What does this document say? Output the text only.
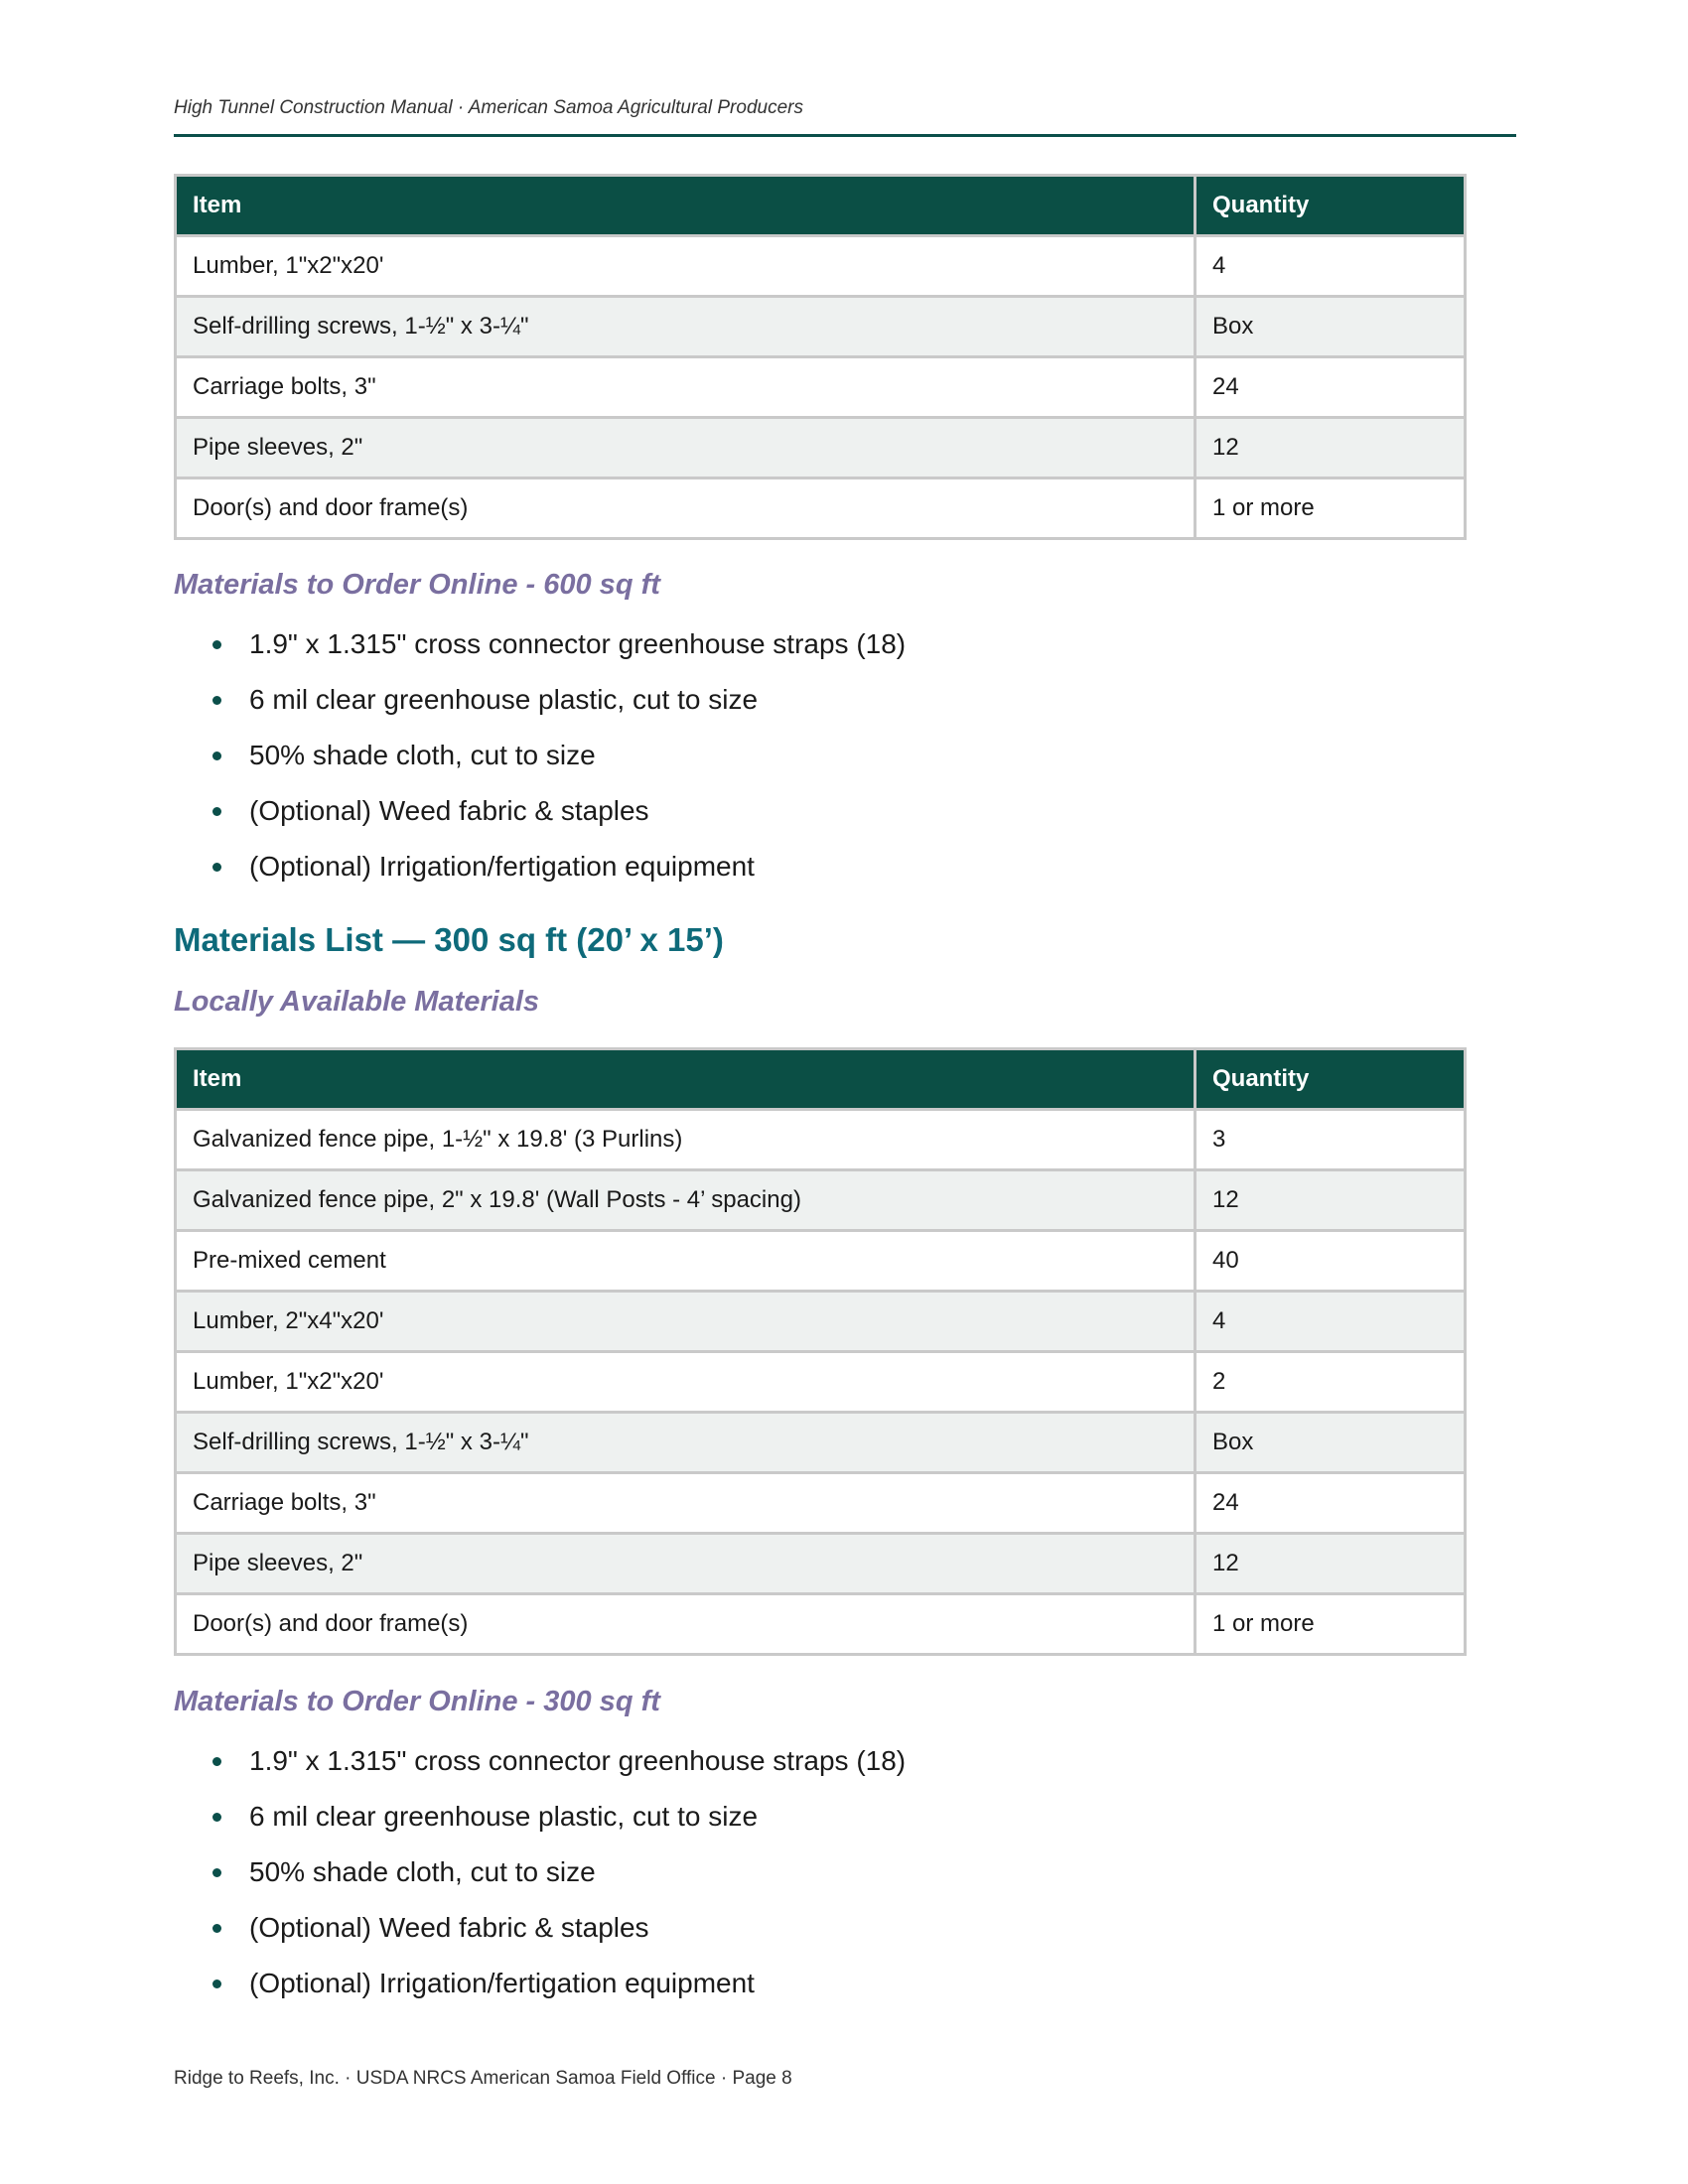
High Tunnel Construction Manual · American Samoa Agricultural Producers
Item	Quantity
Lumber, 1"x2"x20'	4
Self-drilling screws, 1-½" x 3-¼"	Box
Carriage bolts, 3"	24
Pipe sleeves, 2"	12
Door(s) and door frame(s)	1 or more
Materials to Order Online - 600 sq ft
1.9" x 1.315" cross connector greenhouse straps (18)
6 mil clear greenhouse plastic, cut to size
50% shade cloth, cut to size
(Optional) Weed fabric & staples
(Optional) Irrigation/fertigation equipment
Materials List — 300 sq ft (20’ x 15’)
Locally Available Materials
Item	Quantity
Galvanized fence pipe, 1-½" x 19.8' (3 Purlins)	3
Galvanized fence pipe, 2" x 19.8' (Wall Posts - 4’ spacing)	12
Pre-mixed cement	40
Lumber, 2"x4"x20'	4
Lumber, 1"x2"x20'	2
Self-drilling screws, 1-½" x 3-¼"	Box
Carriage bolts, 3"	24
Pipe sleeves, 2"	12
Door(s) and door frame(s)	1 or more
Materials to Order Online - 300 sq ft
1.9" x 1.315" cross connector greenhouse straps (18)
6 mil clear greenhouse plastic, cut to size
50% shade cloth, cut to size
(Optional) Weed fabric & staples
(Optional) Irrigation/fertigation equipment
Ridge to Reefs, Inc. · USDA NRCS American Samoa Field Office · Page 8
